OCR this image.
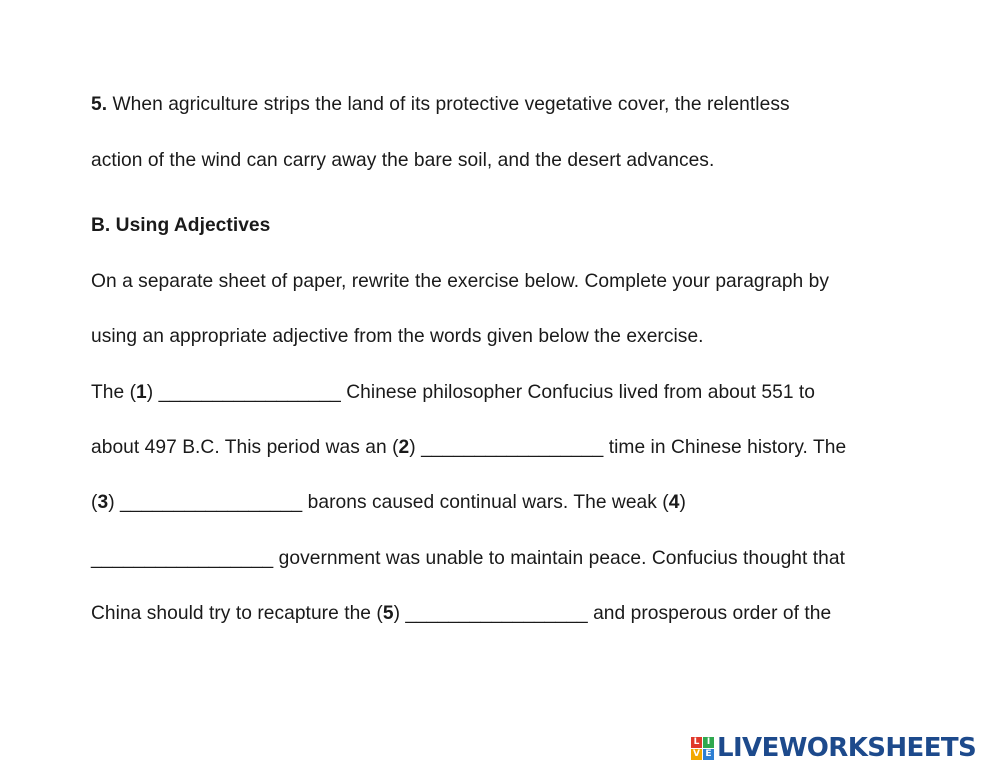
5. When agriculture strips the land of its protective vegetative cover, the relentless
action of the wind can carry away the bare soil, and the desert advances.
B. Using Adjectives
On a separate sheet of paper, rewrite the exercise below. Complete your paragraph by
using an appropriate adjective from the words given below the exercise.
The (1) _________________ Chinese philosopher Confucius lived from about 551 to
about 497 B.C. This period was an (2) _________________ time in Chinese history. The
(3) _________________ barons caused continual wars. The weak (4)
_________________ government was unable to maintain peace. Confucius thought that
China should try to recapture the (5) _________________ and prosperous order of the
L I
V E LIVEWORKSHEETS
